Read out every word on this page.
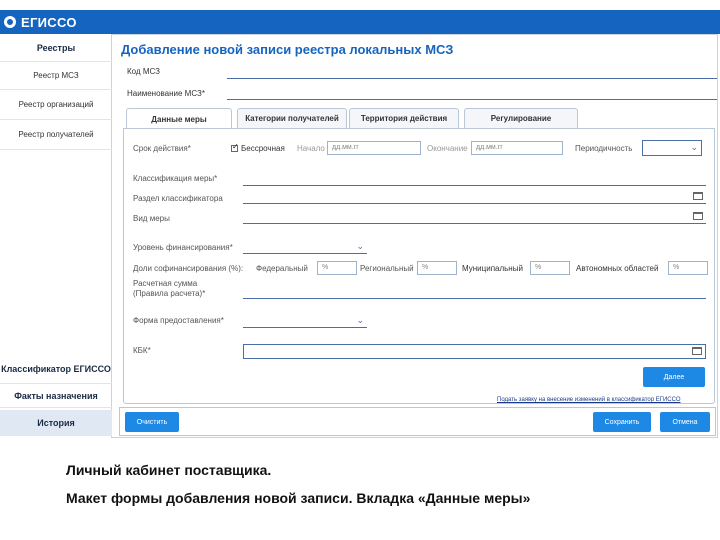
ЕГИССО
Реестры
Реестр МСЗ
Реестр организаций
Реестр получателей
Классификатор ЕГИССО
Факты назначения
История
Добавление новой записи реестра локальных МСЗ
Код МСЗ
Наименование МСЗ*
Данные меры	Категории получателей	Территория действия	Регулирование
Срок действия*
✓	Бессрочная Начало дд.мм.гг	Окончание дд.мм.гг	Периодичность	⌄
Классификация меры*
Раздел классификатора
Вид меры
Уровень финансирования*	⌄
Доли софинансирования (%): Федеральный %	Региональный %	Муниципальный %	Автономных областей %
Расчетная сумма (Правила расчета)*
Форма предоставления*	⌄
КБК*
Далее
Подать заявку на внесение изменений в классификатор ЕГИССО
Очистить	Сохранить	Отмена
Личный кабинет поставщика.
Макет формы добавления новой записи. Вкладка «Данные меры»
